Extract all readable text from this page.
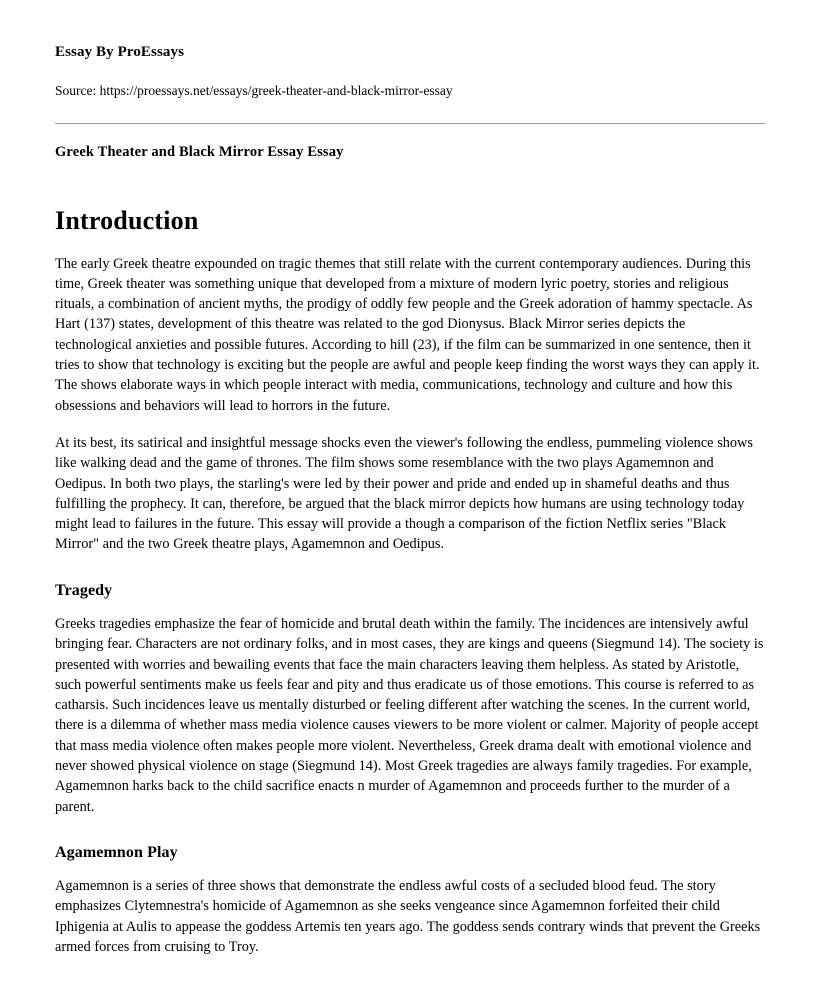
Essay By ProEssays
Source: https://proessays.net/essays/greek-theater-and-black-mirror-essay
Greek Theater and Black Mirror Essay Essay
Introduction

The early Greek theatre expounded on tragic themes that still relate with the current contemporary audiences. During this time, Greek theater was something unique that developed from a mixture of modern lyric poetry, stories and religious rituals, a combination of ancient myths, the prodigy of oddly few people and the Greek adoration of hammy spectacle. As Hart (137) states, development of this theatre was related to the god Dionysus. Black Mirror series depicts the technological anxieties and possible futures. According to hill (23), if the film can be summarized in one sentence, then it tries to show that technology is exciting but the people are awful and people keep finding the worst ways they can apply it. The shows elaborate ways in which people interact with media, communications, technology and culture and how this obsessions and behaviors will lead to horrors in the future.

At its best, its satirical and insightful message shocks even the viewer's following the endless, pummeling violence shows like walking dead and the game of thrones. The film shows some resemblance with the two plays Agamemnon and Oedipus. In both two plays, the starling's were led by their power and pride and ended up in shameful deaths and thus fulfilling the prophecy. It can, therefore, be argued that the black mirror depicts how humans are using technology today might lead to failures in the future. This essay will provide a though a comparison of the fiction Netflix series "Black Mirror" and the two Greek theatre plays, Agamemnon and Oedipus.

Tragedy

Greeks tragedies emphasize the fear of homicide and brutal death within the family. The incidences are intensively awful bringing fear. Characters are not ordinary folks, and in most cases, they are kings and queens (Siegmund 14). The society is presented with worries and bewailing events that face the main characters leaving them helpless. As stated by Aristotle, such powerful sentiments make us feels fear and pity and thus eradicate us of those emotions. This course is referred to as catharsis. Such incidences leave us mentally disturbed or feeling different after watching the scenes. In the current world, there is a dilemma of whether mass media violence causes viewers to be more violent or calmer. Majority of people accept that mass media violence often makes people more violent. Nevertheless, Greek drama dealt with emotional violence and never showed physical violence on stage (Siegmund 14). Most Greek tragedies are always family tragedies. For example, Agamemnon harks back to the child sacrifice enacts n murder of Agamemnon and proceeds further to the murder of a parent.

Agamemnon Play

Agamemnon is a series of three shows that demonstrate the endless awful costs of a secluded blood feud. The story emphasizes Clytemnestra's homicide of Agamemnon as she seeks vengeance since Agamemnon forfeited their child Iphigenia at Aulis to appease the goddess Artemis ten years ago. The goddess sends contrary winds that prevent the Greeks armed forces from cruising to Troy.
